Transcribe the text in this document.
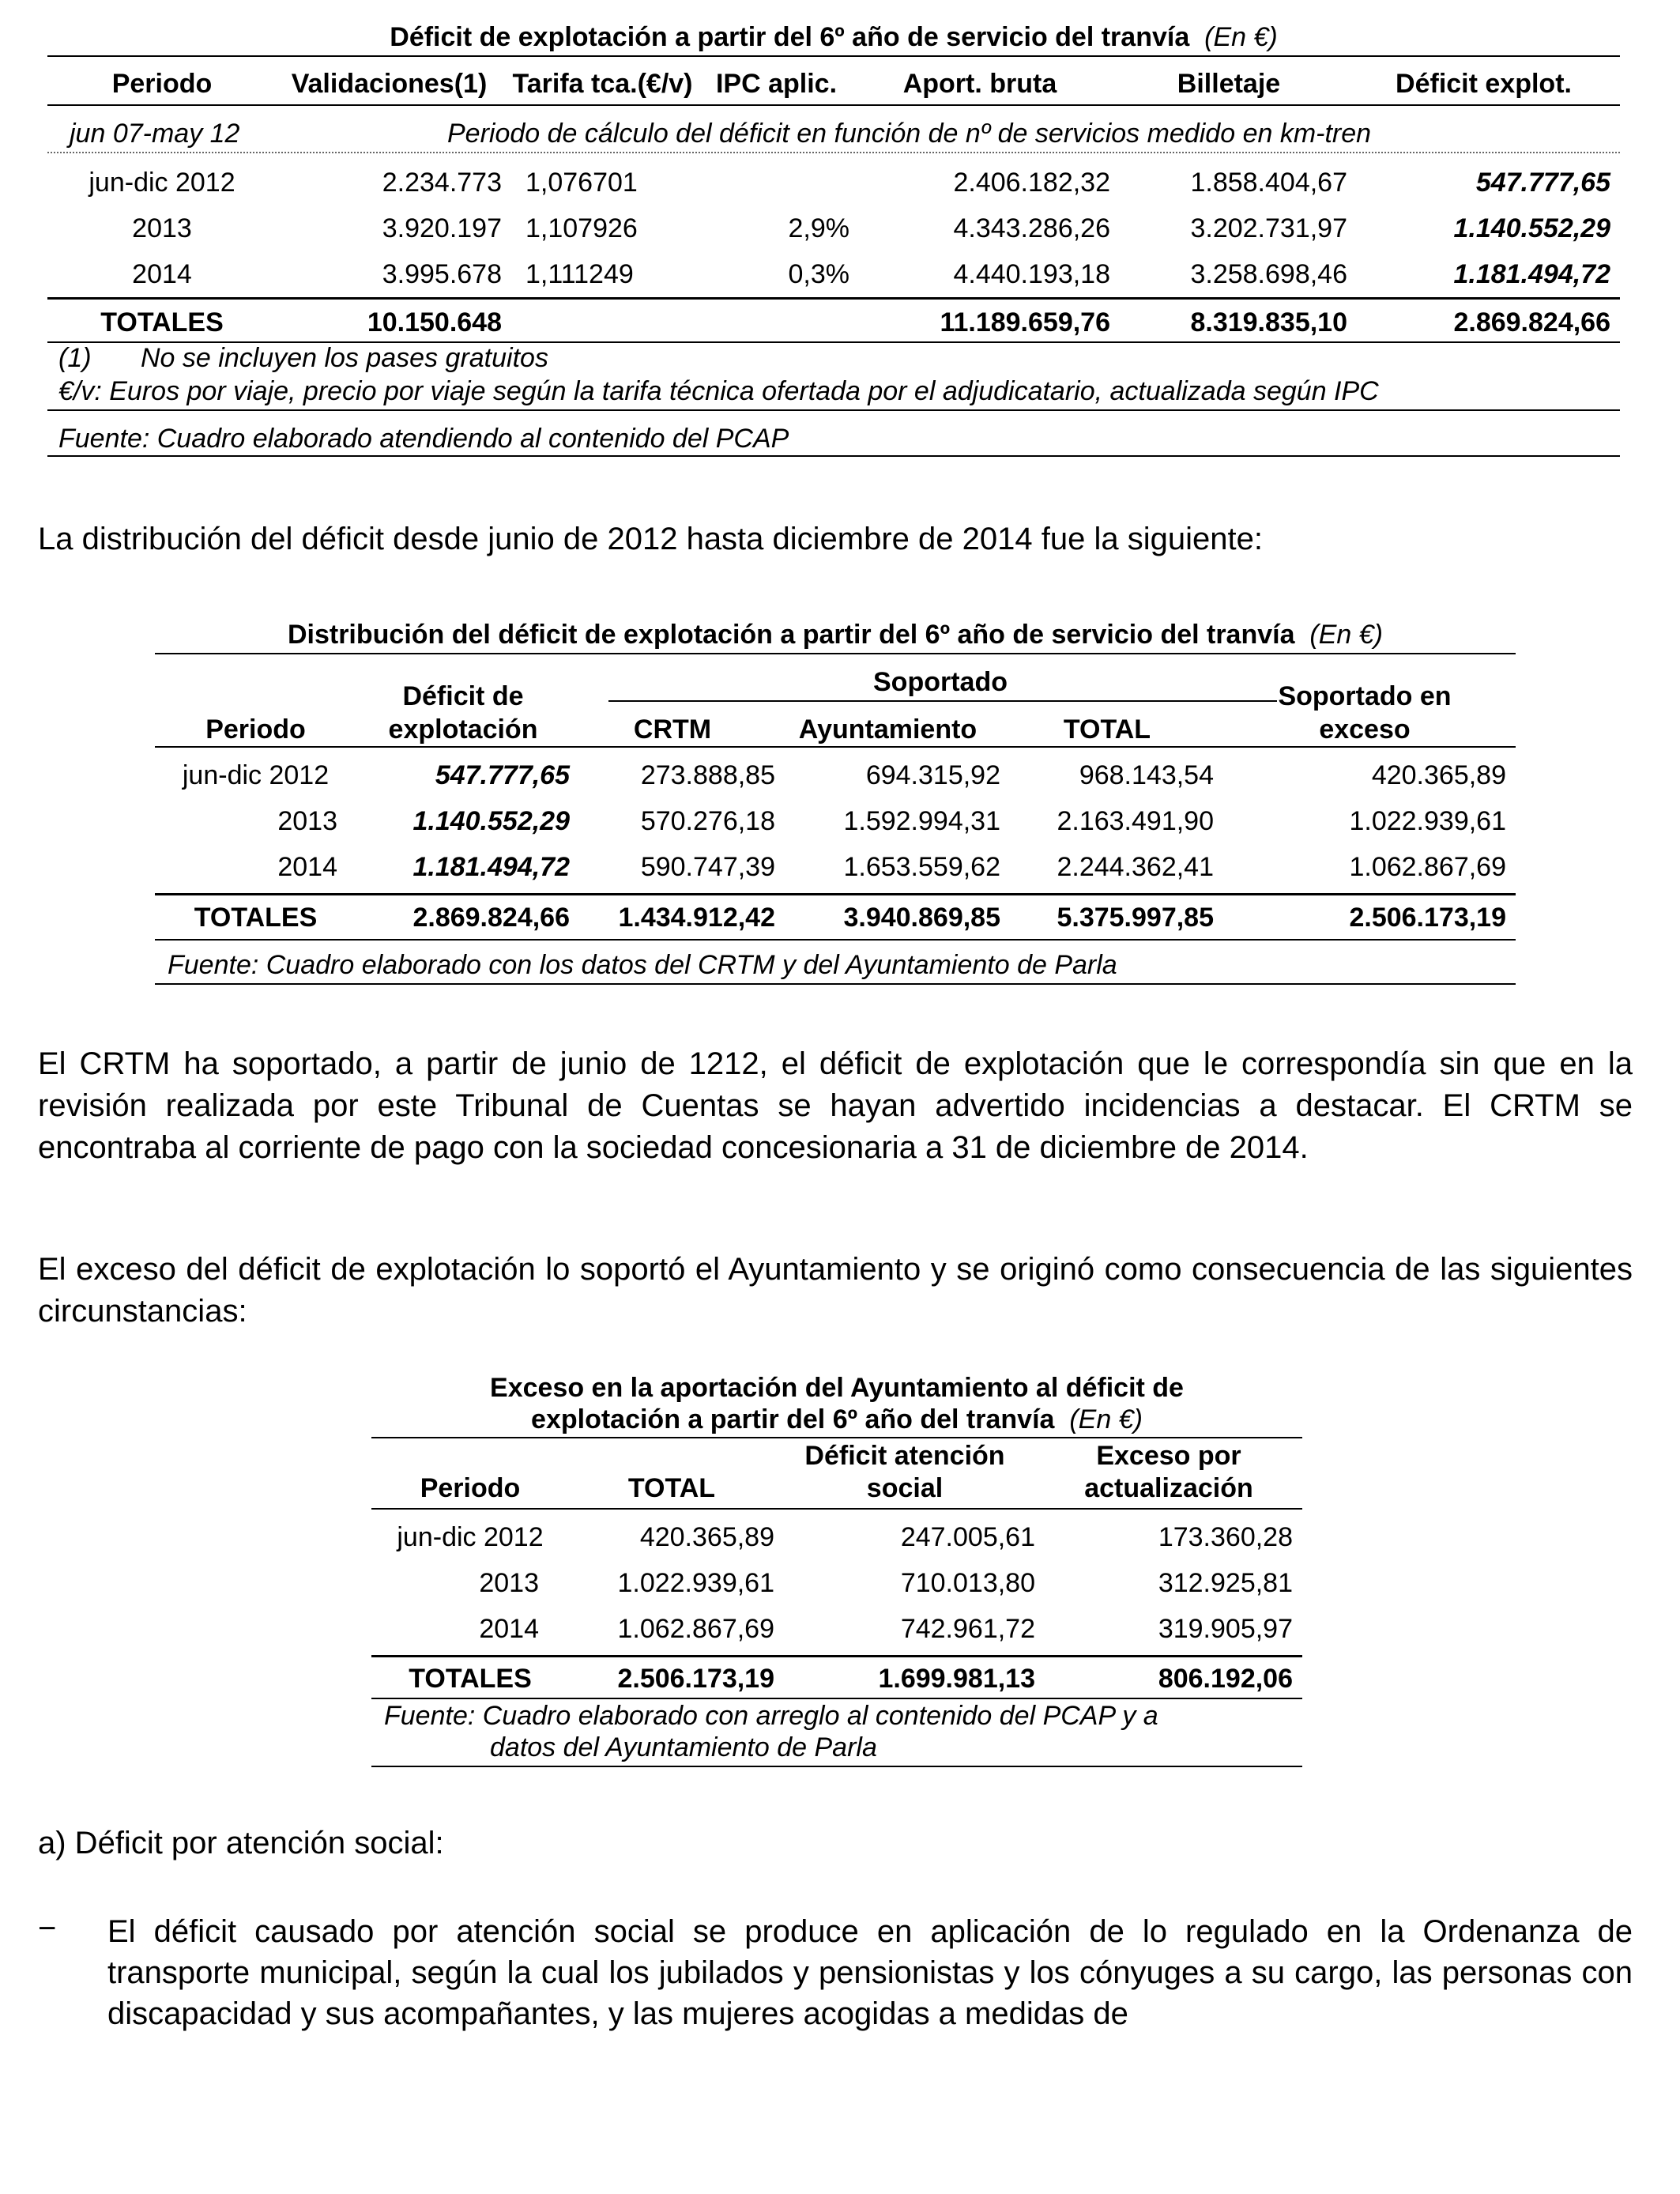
Déficit de explotación a partir del 6º año de servicio del tranvía (En €)
Periodo	Validaciones(1)	Tarifa tca.(€/v)	IPC aplic.	Aport. bruta	Billetaje	Déficit explot.
jun 07-may 12	Periodo de cálculo del déficit en función de nº de servicios medido en km-tren
jun-dic 2012	2.234.773	1,076701		2.406.182,32	1.858.404,67	547.777,65
2013	3.920.197	1,107926	2,9%	4.343.286,26	3.202.731,97	1.140.552,29
2014	3.995.678	1,111249	0,3%	4.440.193,18	3.258.698,46	1.181.494,72
TOTALES	10.150.648			11.189.659,76	8.319.835,10	2.869.824,66
(1) No se incluyen los pases gratuitos
€/v: Euros por viaje, precio por viaje según la tarifa técnica ofertada por el adjudicatario, actualizada según IPC
Fuente: Cuadro elaborado atendiendo al contenido del PCAP
La distribución del déficit desde junio de 2012 hasta diciembre de 2014 fue la siguiente:
Distribución del déficit de explotación a partir del 6º año de servicio del tranvía (En €)
Soportado
	Déficit de				Soportado en
Periodo	explotación	CRTM	Ayuntamiento	TOTAL	exceso
jun-dic 2012	547.777,65	273.888,85	694.315,92	968.143,54	420.365,89
2013	1.140.552,29	570.276,18	1.592.994,31	2.163.491,90	1.022.939,61
2014	1.181.494,72	590.747,39	1.653.559,62	2.244.362,41	1.062.867,69
TOTALES	2.869.824,66	1.434.912,42	3.940.869,85	5.375.997,85	2.506.173,19
Fuente: Cuadro elaborado con los datos del CRTM y del Ayuntamiento de Parla
El CRTM ha soportado, a partir de junio de 1212, el déficit de explotación que le correspondía sin que en la revisión realizada por este Tribunal de Cuentas se hayan advertido incidencias a destacar. El CRTM se encontraba al corriente de pago con la sociedad concesionaria a 31 de diciembre de 2014.
El exceso del déficit de explotación lo soportó el Ayuntamiento y se originó como consecuencia de las siguientes circunstancias:
Exceso en la aportación del Ayuntamiento al déficit de
explotación a partir del 6º año del tranvía (En €)
		Déficit atención	Exceso por
Periodo	TOTAL	social	actualización
jun-dic 2012	420.365,89	247.005,61	173.360,28
2013	1.022.939,61	710.013,80	312.925,81
2014	1.062.867,69	742.961,72	319.905,97
TOTALES	2.506.173,19	1.699.981,13	806.192,06
Fuente: Cuadro elaborado con arreglo al contenido del PCAP y a
datos del Ayuntamiento de Parla
a) Déficit por atención social:
− El déficit causado por atención social se produce en aplicación de lo regulado en la Ordenanza de transporte municipal, según la cual los jubilados y pensionistas y los cónyuges a su cargo, las personas con discapacidad y sus acompañantes, y las mujeres acogidas a medidas de
